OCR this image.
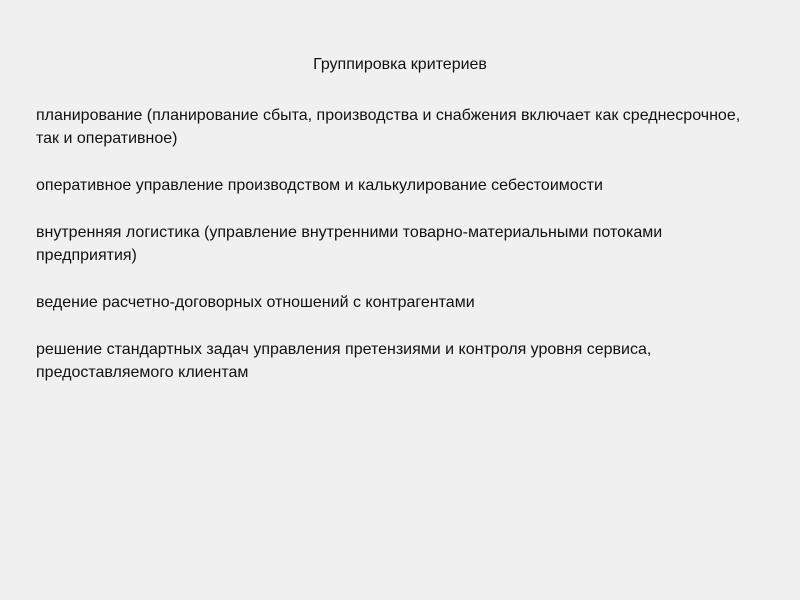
Группировка критериев
планирование (планирование сбыта, производства и снабжения включает как среднесрочное, так и оперативное)
оперативное управление производством и калькулирование себестоимости
внутренняя логистика (управление внутренними товарно-материальными потоками предприятия)
ведение расчетно-договорных отношений с контрагентами
решение стандартных задач управления претензиями и контроля уровня сервиса, предоставляемого клиентам
